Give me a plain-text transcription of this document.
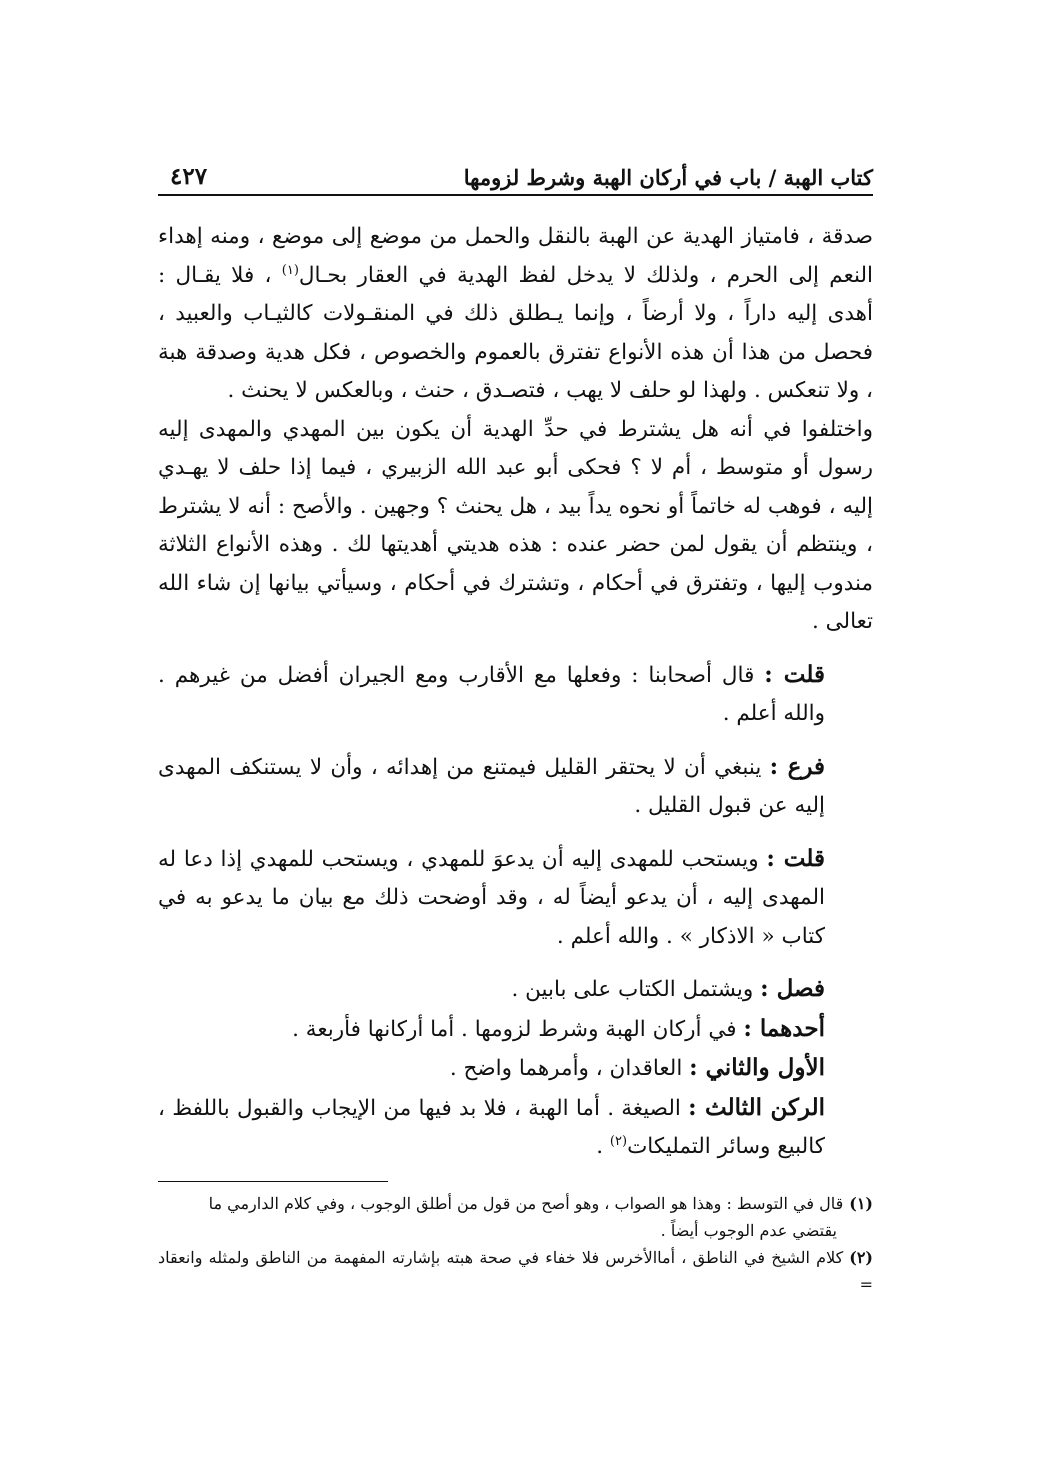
كتاب الهبة / باب في أركان الهبة وشرط لزومها
٤٢٧

صدقة ، فامتياز الهدية عن الهبة بالنقل والحمل من موضع إلى موضع ، ومنه إهداء النعم إلى الحرم ، ولذلك لا يدخل لفظ الهدية في العقار بحـال$^{(١)}$ ، فلا يقـال : أهدى إليه داراً ، ولا أرضاً ، وإنما يـطلق ذلك في المنقـولات كالثيـاب والعبيد ، فحصل من هذا أن هذه الأنواع تفترق بالعموم والخصوص ، فكل هدية وصدقة هبة ، ولا تنعكس . ولهذا لو حلف لا يهب ، فتصـدق ، حنث ، وبالعكس لا يحنث .

واختلفوا في أنه هل يشترط في حدِّ الهدية أن يكون بين المهدي والمهدى إليه رسول أو متوسط ، أم لا ؟ فحكى أبو عبد الله الزبيري ، فيما إذا حلف لا يهـدي إليه ، فوهب له خاتماً أو نحوه يداً بيد ، هل يحنث ؟ وجهين . والأصح : أنه لا يشترط ، وينتظم أن يقول لمن حضر عنده : هذه هديتي أهديتها لك . وهذه الأنواع الثلاثة مندوب إليها ، وتفترق في أحكام ، وتشترك في أحكام ، وسيأتي بيانها إن شاء الله تعالى .

قلت : قال أصحابنا : وفعلها مع الأقارب ومع الجيران أفضل من غيرهم . والله أعلم .

فرع : ينبغي أن لا يحتقر القليل فيمتنع من إهدائه ، وأن لا يستنكف المهدى إليه عن قبول القليل .

قلت : ويستحب للمهدى إليه أن يدعوَ للمهدي ، ويستحب للمهدي إذا دعا له المهدى إليه ، أن يدعو أيضاً له ، وقد أوضحت ذلك مع بيان ما يدعو به في كتاب « الاذكار » . والله أعلم .

فصل : ويشتمل الكتاب على بابين .

أحدهما : في أركان الهبة وشرط لزومها . أما أركانها فأربعة .

الأول والثاني : العاقدان ، وأمرهما واضح .

الركن الثالث : الصيغة . أما الهبة ، فلا بد فيها من الإيجاب والقبول باللفظ ، كالبيع وسائر التمليكات$^{(٢)}$ .

(١)قال في التوسط : وهذا هو الصواب ، وهو أصح من قول من أطلق الوجوب ، وفي كلام الدارمي ما

يقتضي عدم الوجوب أيضاً .

(٢)كلام الشيخ في الناطق ، أماالأخرس فلا خفاء في صحة هبته بإشارته المفهمة من الناطق ولمثله وانعقاد =
